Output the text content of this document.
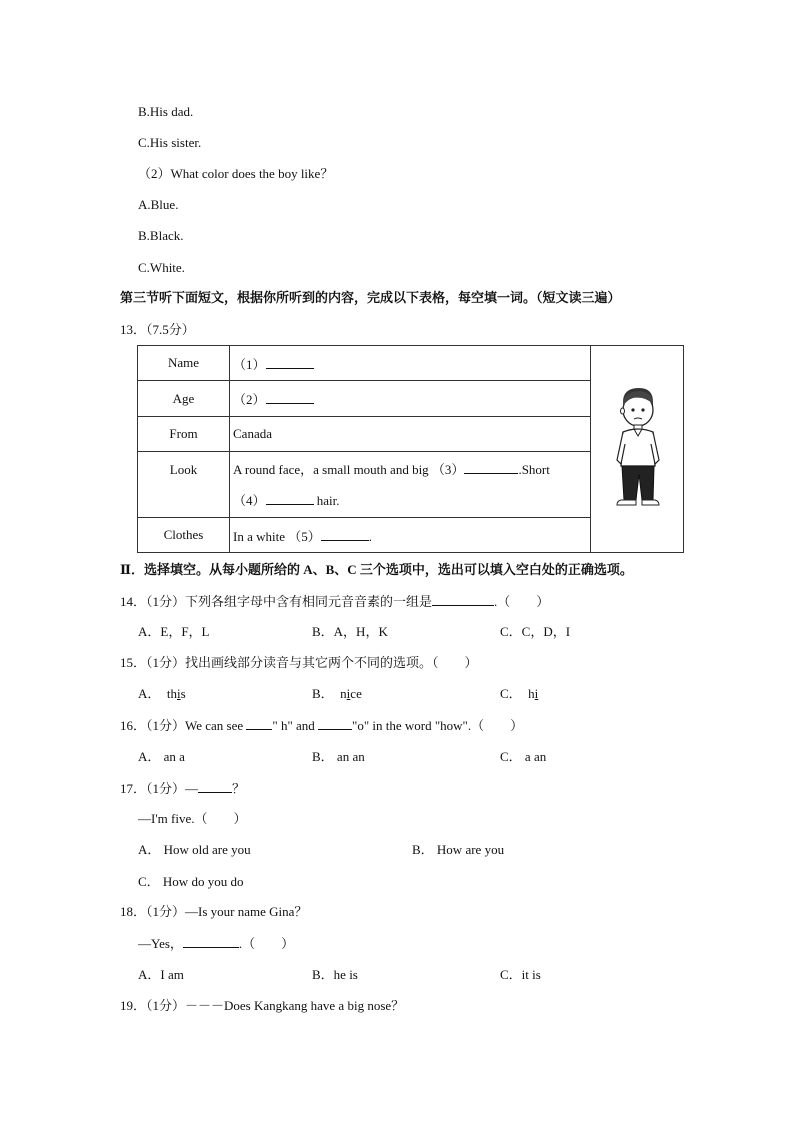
B.His dad.
C.His sister.
（2）What color does the boy like？
A.Blue.
B.Black.
C.White.
第三节听下面短文，根据你所听到的内容，完成以下表格，每空填一词。（短文读三遍）
13．（7.5分）
Name	（1）	
Age	（2）	
From	Canada	
Look	A round face，a small mouth and big （3） .Short
（4） hair.	

Clothes	In a white （5） .	
Ⅱ．选择填空。从每小题所给的 A、B、C 三个选项中，选出可以填入空白处的正确选项。
14．（1分）下列各组字母中含有相同元音音素的一组是	.（　　）
A．E，F，L	B．A，H，K	C．C，D，I
15．（1分）找出画线部分读音与其它两个不同的选项。（　　）
A． this	B． nice	C． hi
16．（1分）We can see " h" and	"o" in the word "how".（　　）
A． an a	B． an an	C． a an
17．（1分）—	？
—I'm five.（　　）
A． How old are you	B． How are you
C． How do you do
18．（1分）—Is your name Gina？
—Yes，	.（　　）
A．I am	B．he is	C．it is
19．（1分）－－－Does Kangkang have a big nose？
